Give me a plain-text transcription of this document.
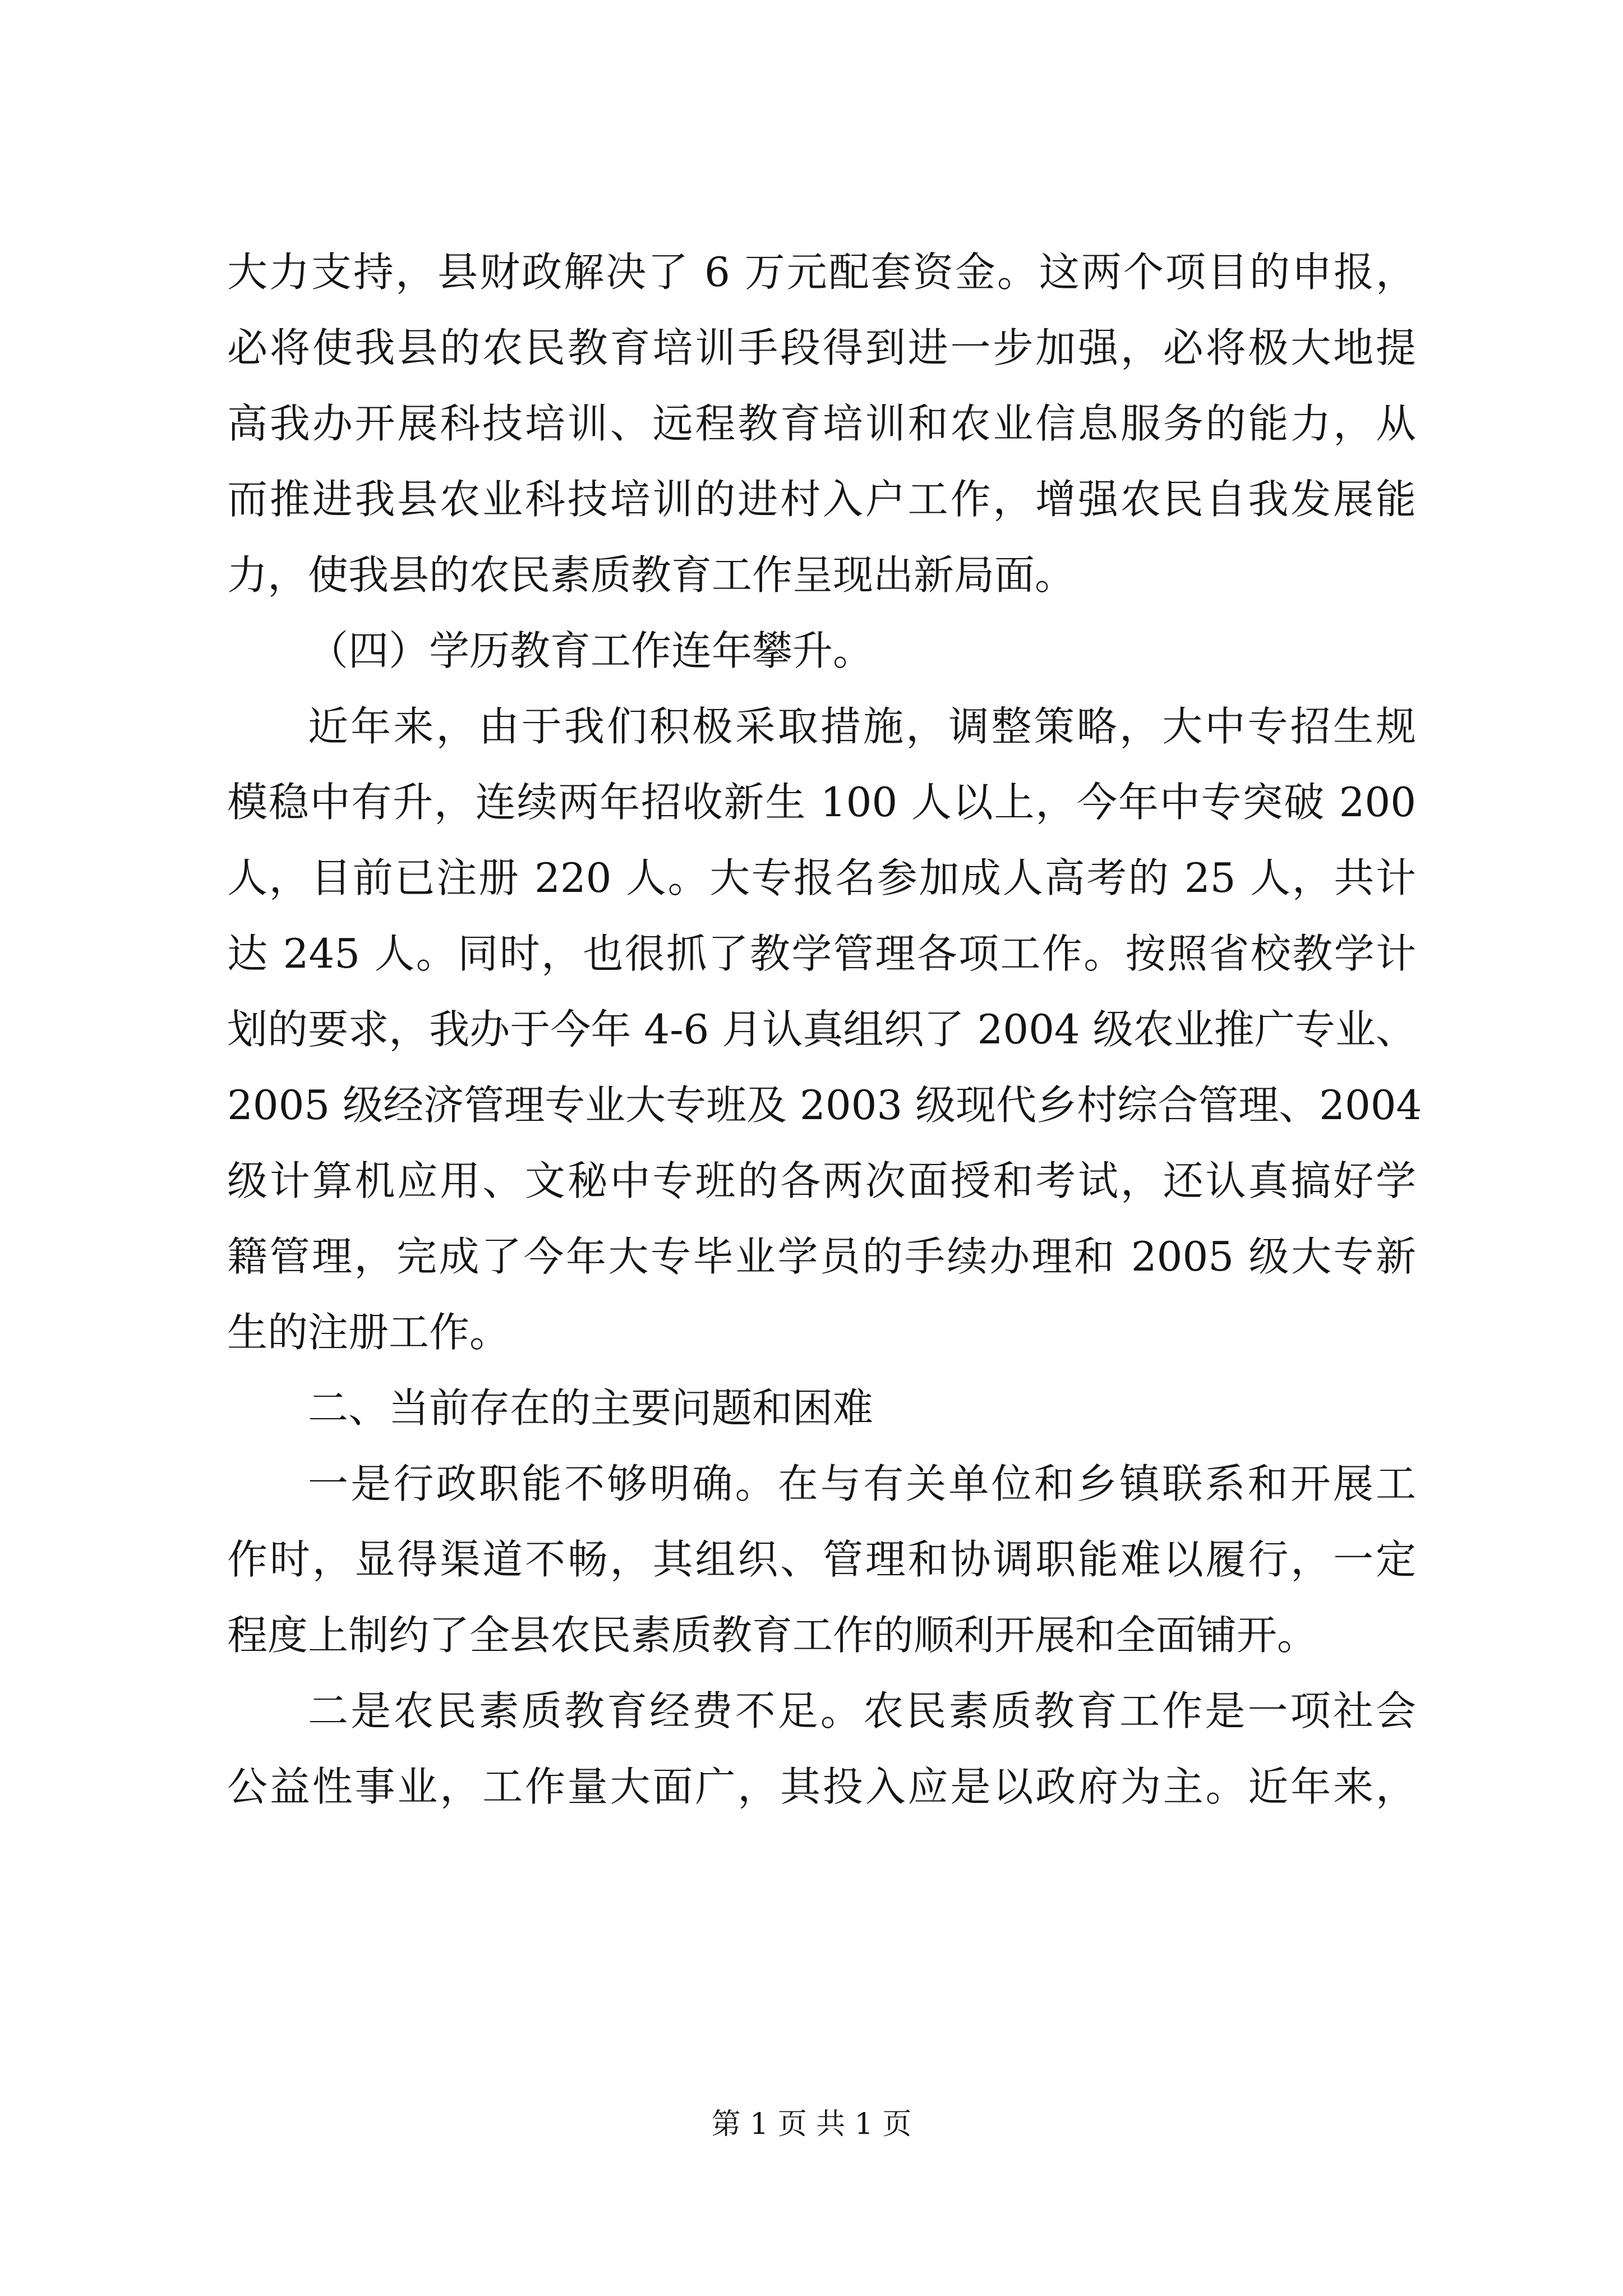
大力支持，县财政解决了 6 万元配套资金。这两个项目的申报，
必将使我县的农民教育培训手段得到进一步加强，必将极大地提
高我办开展科技培训、远程教育培训和农业信息服务的能力，从
而推进我县农业科技培训的进村入户工作，增强农民自我发展能
力，使我县的农民素质教育工作呈现出新局面。
（四）学历教育工作连年攀升。
近年来，由于我们积极采取措施，调整策略，大中专招生规
模稳中有升，连续两年招收新生 100 人以上，今年中专突破 200
人，目前已注册 220 人。大专报名参加成人高考的 25 人，共计
达 245 人。同时，也很抓了教学管理各项工作。按照省校教学计
划的要求，我办于今年 4-6 月认真组织了 2004 级农业推广专业、
2005 级经济管理专业大专班及 2003 级现代乡村综合管理、2004
级计算机应用、文秘中专班的各两次面授和考试，还认真搞好学
籍管理，完成了今年大专毕业学员的手续办理和 2005 级大专新
生的注册工作。
二、当前存在的主要问题和困难
一是行政职能不够明确。在与有关单位和乡镇联系和开展工
作时，显得渠道不畅，其组织、管理和协调职能难以履行，一定
程度上制约了全县农民素质教育工作的顺利开展和全面铺开。
二是农民素质教育经费不足。农民素质教育工作是一项社会
公益性事业，工作量大面广，其投入应是以政府为主。近年来，
第 1 页 共 1 页
